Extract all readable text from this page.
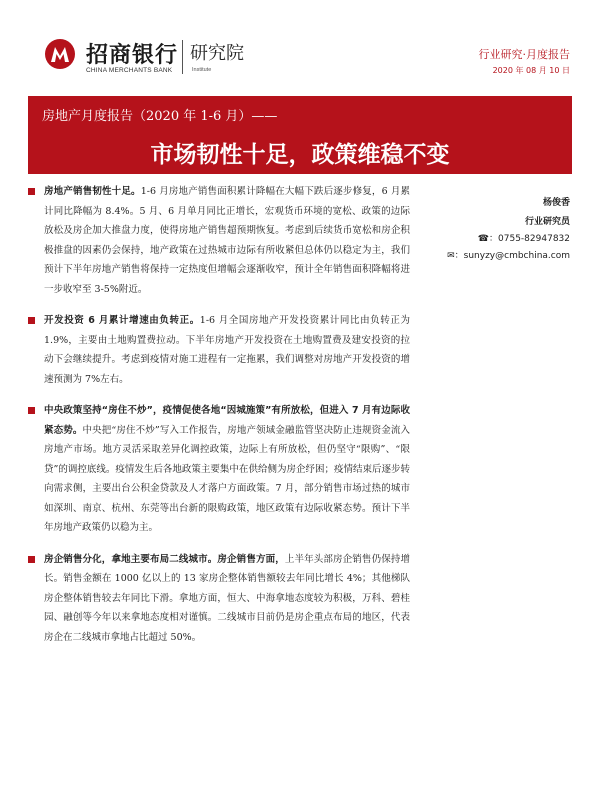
招商银行
CHINA MERCHANTS BANK
研究院
Institute
行业研究·月度报告
2020 年 08 月 10 日
房地产月度报告（2020 年 1-6 月）——
市场韧性十足，政策维稳不变

房地产销售韧性十足。1-6 月房地产销售面积累计降幅在大幅下跌后逐步修复，6 月累计同比降幅为 8.4%。5 月、6 月单月同比正增长，宏观货币环境的宽松、政策的边际放松及房企加大推盘力度，使得房地产销售超预期恢复。考虑到后续货币宽松和房企积极推盘的因素仍会保持，地产政策在过热城市边际有所收紧但总体仍以稳定为主，我们预计下半年房地产销售将保持一定热度但增幅会逐渐收窄，预计全年销售面积降幅将进一步收窄至 3-5%附近。

开发投资 6 月累计增速由负转正。1-6 月全国房地产开发投资累计同比由负转正为 1.9%，主要由土地购置费拉动。下半年房地产开发投资在土地购置费及建安投资的拉动下会继续提升。考虑到疫情对施工进程有一定拖累，我们调整对房地产开发投资的增速预测为 7%左右。

中央政策坚持“房住不炒”，疫情促使各地“因城施策”有所放松，但进入 7 月有边际收紧态势。中央把“房住不炒”写入工作报告，房地产领域金融监管坚决防止违规资金流入房地产市场。地方灵活采取差异化调控政策，边际上有所放松，但仍坚守“限购”、“限贷”的调控底线。疫情发生后各地政策主要集中在供给侧为房企纾困；疫情结束后逐步转向需求侧，主要出台公积金贷款及人才落户方面政策。7 月，部分销售市场过热的城市如深圳、南京、杭州、东莞等出台新的限购政策，地区政策有边际收紧态势。预计下半年房地产政策仍以稳为主。

房企销售分化，拿地主要布局二线城市。房企销售方面，上半年头部房企销售仍保持增长。销售金额在 1000 亿以上的 13 家房企整体销售额较去年同比增长 4%；其他梯队房企整体销售较去年同比下滑。拿地方面，恒大、中海拿地态度较为积极，万科、碧桂园、融创等今年以来拿地态度相对谨慎。二线城市目前仍是房企重点布局的地区，代表房企在二线城市拿地占比超过 50%。

杨俊香
行业研究员
☎：0755-82947832
✉：sunyzy@cmbchina.com
